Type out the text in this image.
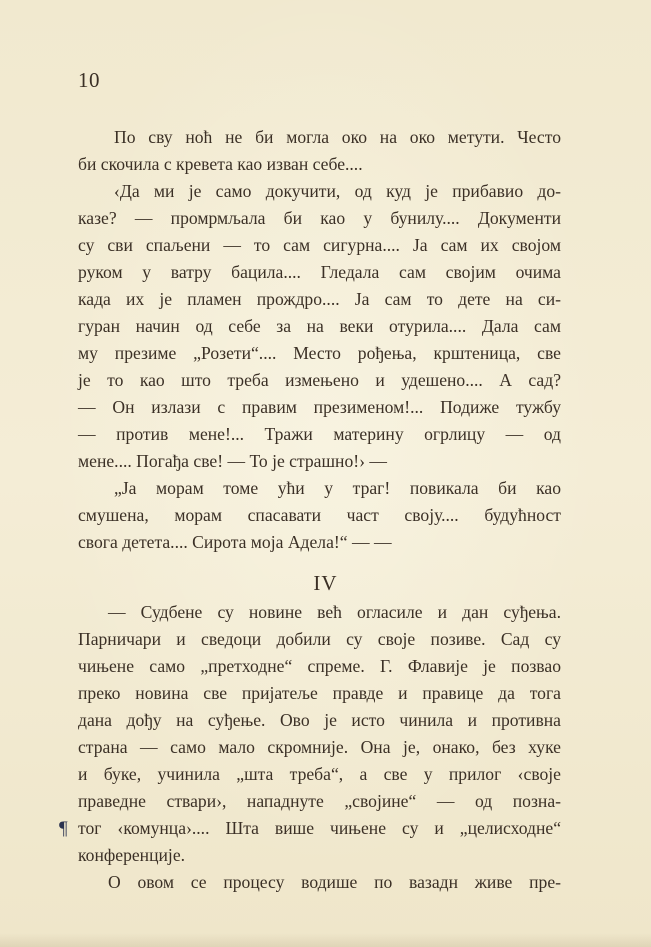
10
По сву ноћ не би могла око на око метути. Често
би скочила с кревета као изван себе....
‹Да ми је само докучити, од куд је прибавио до-
казе? — промрмљала би као у бунилу.... Документи
су сви спаљени — то сам сигурна.... Ја сам их својом
руком у ватру бацила.... Гледала сам својим очима
када их је пламен прождро.... Ја сам то дете на си-
гуран начин од себе за на веки отурила.... Дала сам
му презиме „Розети“.... Место рођења, крштеница, све
је то као што треба измењено и удешено.... А сад?
— Он излази с правим презименом!... Подиже тужбу
— против мене!... Тражи материну огрлицу — од
мене.... Погађа све! — То је страшно!› —
„Ја морам томе ући у траг! повикала би као
смушена, морам спасавати част своју.... будућност
свога детета.... Сирота моја Адела!“ — —
IV
— Судбене су новине већ огласиле и дан суђења.
Парничари и сведоци добили су своје позиве. Сад су
чињене само „претходне“ спреме. Г. Флавије је позвао
преко новина све пријатеље правде и правице да тога
дана дођу на суђење. Ово је исто чинила и противна
страна — само мало скромније. Она је, онако, без хуке
и буке, учинила „шта треба“, а све у прилог ‹своје
праведне ствари›, нападнуте „својине“ — од позна-
тог ‹комунца›.... Шта више чињене су и „целисходне“
конференције.
О овом се процесу водише по вазадн живе пре-
¶
